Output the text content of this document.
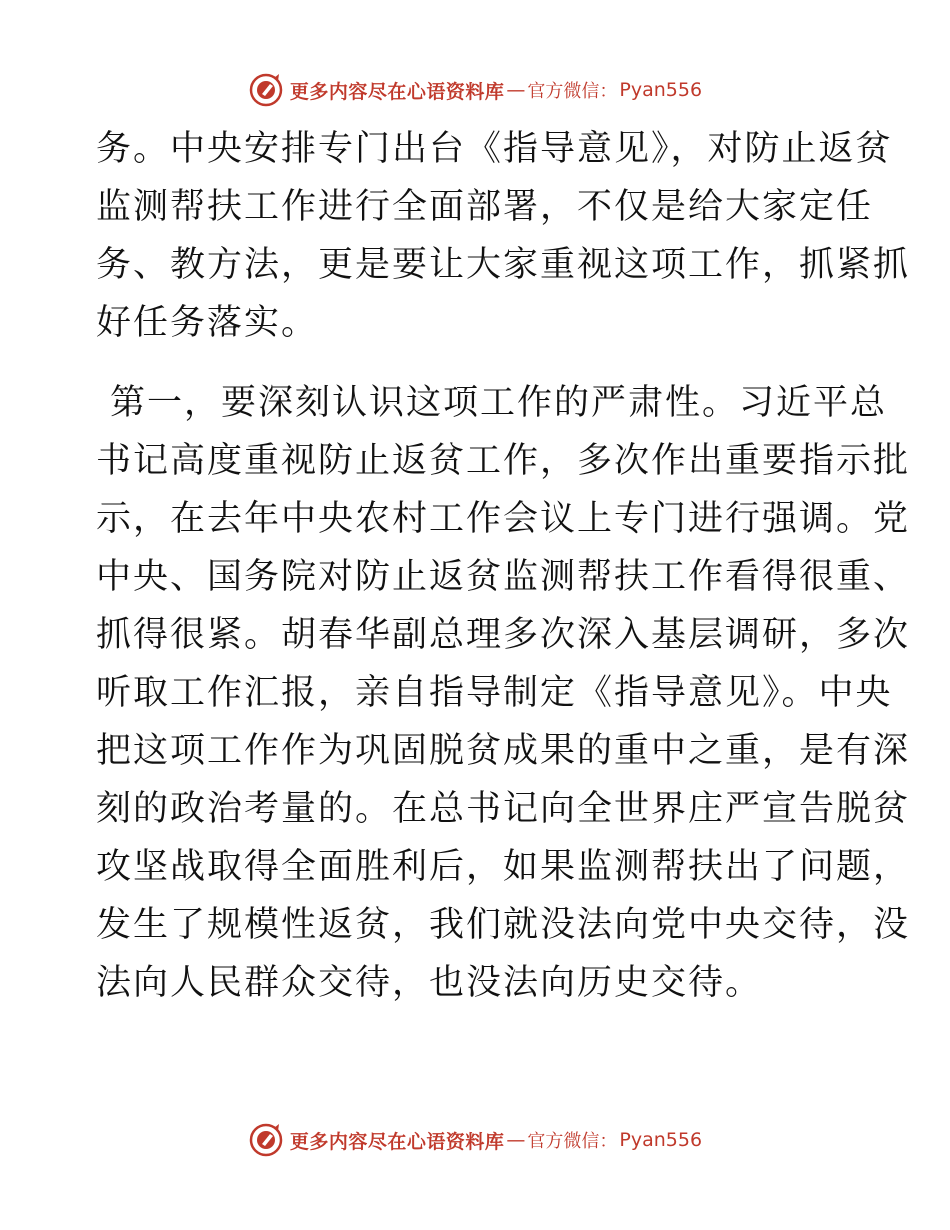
更多内容尽在心语资料库 — 官方微信： Pyan556

务。中央安排专门出台《指导意见》，对防止返贫
监测帮扶工作进行全面部署，不仅是给大家定任
务、教方法，更是要让大家重视这项工作，抓紧抓
好任务落实。

第一，要深刻认识这项工作的严肃性。习近平总
书记高度重视防止返贫工作，多次作出重要指示批
示，在去年中央农村工作会议上专门进行强调。党
中央、国务院对防止返贫监测帮扶工作看得很重、
抓得很紧。胡春华副总理多次深入基层调研，多次
听取工作汇报，亲自指导制定《指导意见》。中央
把这项工作作为巩固脱贫成果的重中之重，是有深
刻的政治考量的。在总书记向全世界庄严宣告脱贫
攻坚战取得全面胜利后，如果监测帮扶出了问题，
发生了规模性返贫，我们就没法向党中央交待，没
法向人民群众交待，也没法向历史交待。

更多内容尽在心语资料库 — 官方微信： Pyan556
